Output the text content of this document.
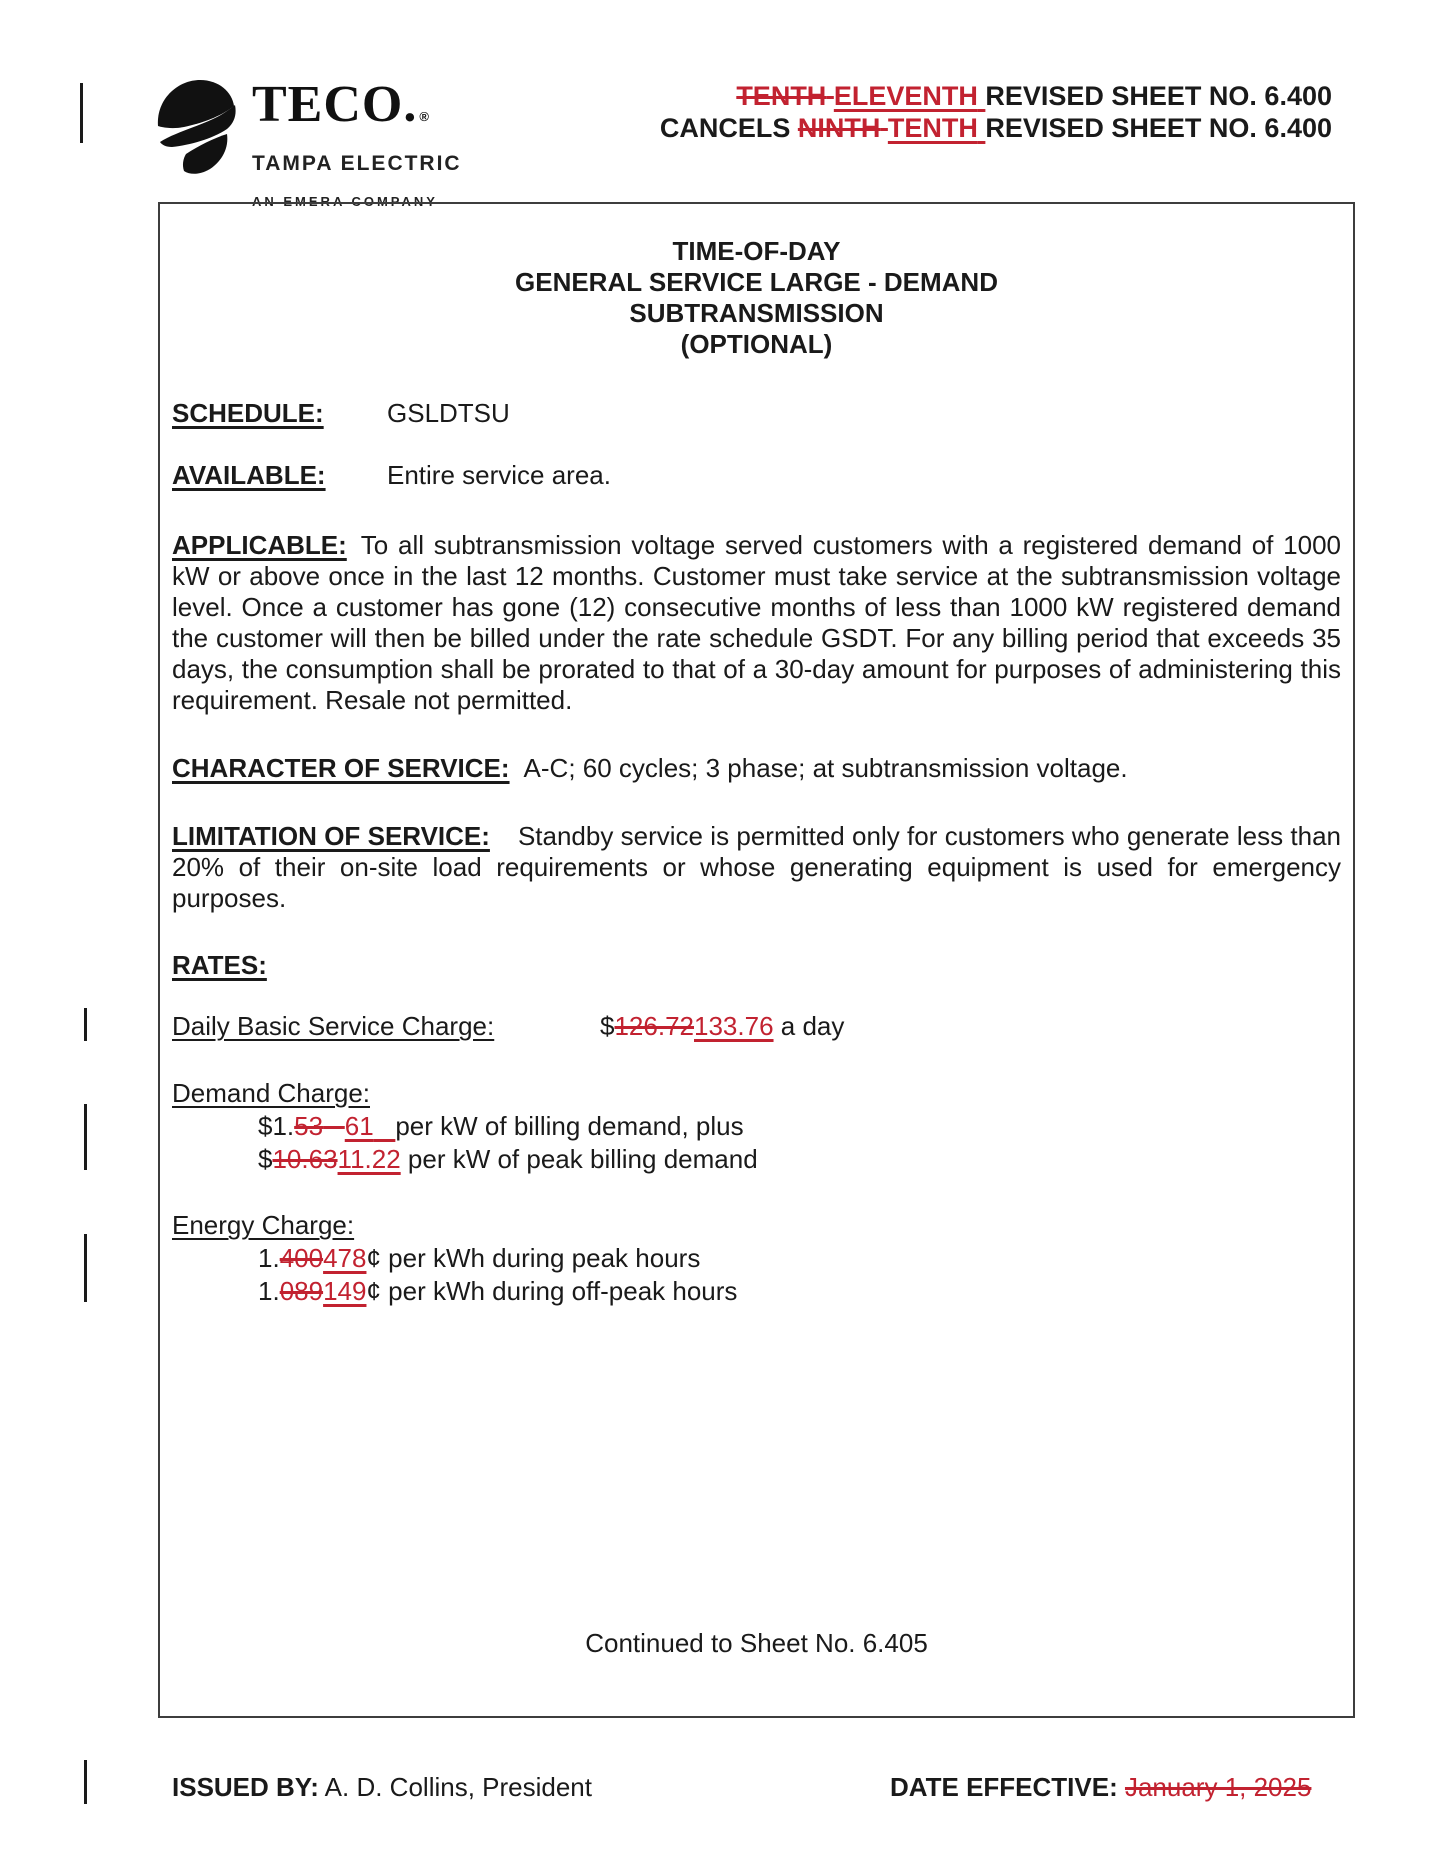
TECO. ®
TAMPA ELECTRIC
AN EMERA COMPANY
TENTH ELEVENTH REVISED SHEET NO. 6.400
CANCELS NINTH TENTH REVISED SHEET NO. 6.400
TIME-OF-DAY
GENERAL SERVICE LARGE - DEMAND
SUBTRANSMISSION
(OPTIONAL)
SCHEDULE: GSLDTSU
AVAILABLE: Entire service area.

APPLICABLE: To all subtransmission voltage served customers with a registered demand of 1000 kW or above once in the last 12 months. Customer must take service at the subtransmission voltage level. Once a customer has gone (12) consecutive months of less than 1000 kW registered demand the customer will then be billed under the rate schedule GSDT. For any billing period that exceeds 35 days, the consumption shall be prorated to that of a 30-day amount for purposes of administering this requirement. Resale not permitted.

CHARACTER OF SERVICE: A-C; 60 cycles; 3 phase; at subtransmission voltage.

LIMITATION OF SERVICE: Standby service is permitted only for customers who generate less than 20% of their on-site load requirements or whose generating equipment is used for emergency purposes.

RATES:
Daily Basic Service Charge:	$126.72133.76 a day
Demand Charge:
$1.53 61 per kW of billing demand, plus
$10.6311.22 per kW of peak billing demand
Energy Charge:
1.400478¢ per kWh during peak hours
1.089149¢ per kWh during off-peak hours
Continued to Sheet No. 6.405
ISSUED BY: A. D. Collins, President	DATE EFFECTIVE: January 1, 2025
